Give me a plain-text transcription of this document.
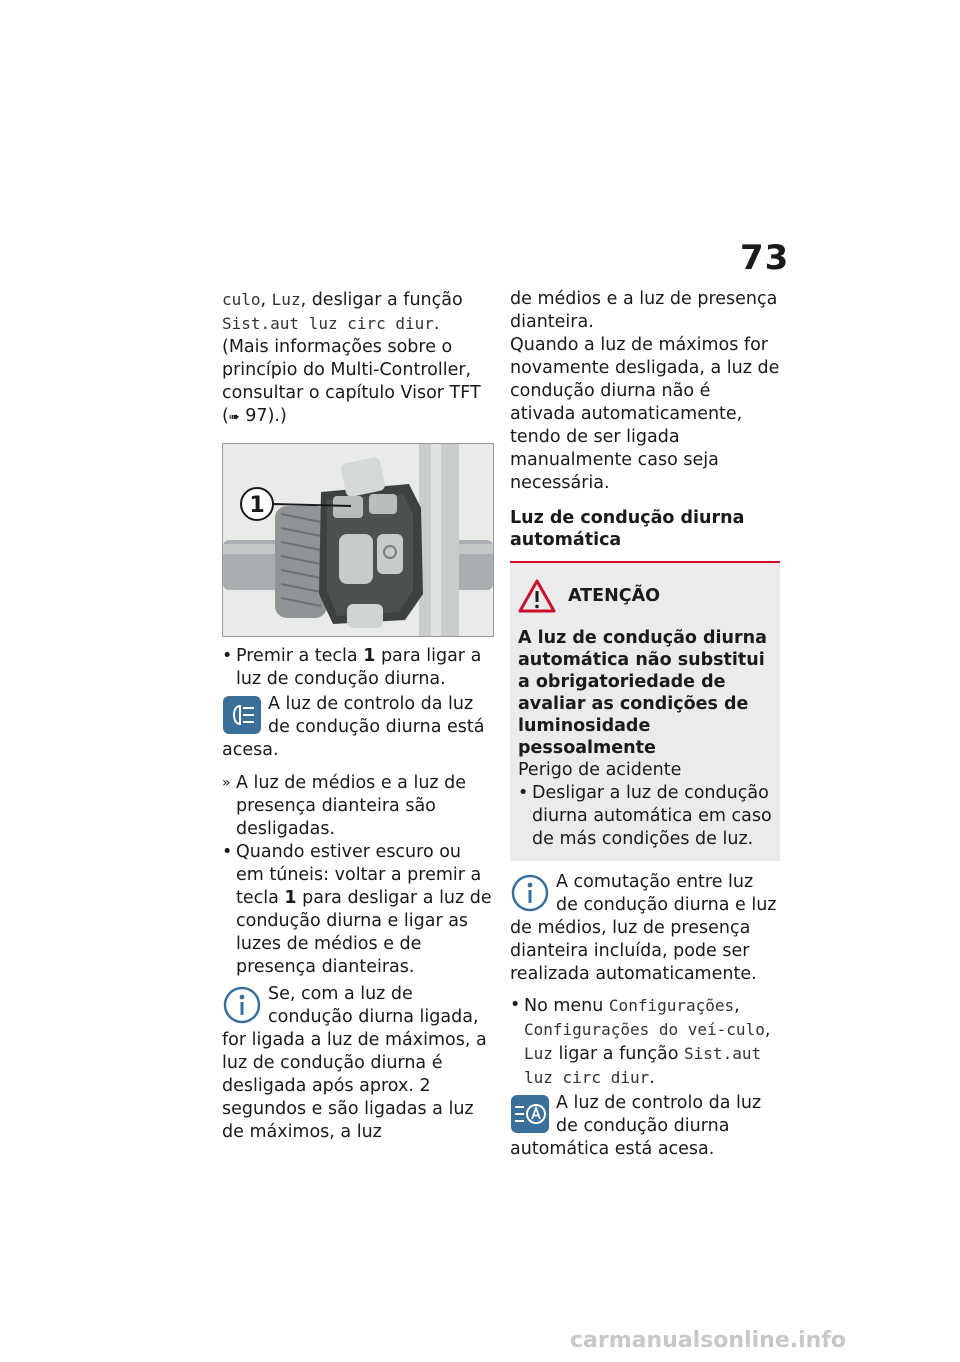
73

culo, Luz, desligar a função Sist.aut luz circ diur.
(Mais informações sobre o princípio do Multi-Controller, consultar o capítulo Visor TFT (➠ 97).)

1

• Premir a tecla 1 para ligar a luz de condução diurna.

A luz de controlo da luz de condução diurna está acesa.

» A luz de médios e a luz de presença dianteira são desligadas.

• Quando estiver escuro ou em túneis: voltar a premir a tecla 1 para desligar a luz de condução diurna e ligar as luzes de médios e de presença dianteiras.

Se, com a luz de condução diurna ligada, for ligada a luz de máximos, a luz de condução diurna é desligada após aprox. 2 segundos e são ligadas a luz de máximos, a luz

de médios e a luz de presença dianteira.

Quando a luz de máximos for novamente desligada, a luz de condução diurna não é ativada automaticamente, tendo de ser ligada manualmente caso seja necessária.

Luz de condução diurna automática

ATENÇÃO

A luz de condução diurna automática não substitui a obrigatoriedade de avaliar as condições de luminosidade pessoalmente

Perigo de acidente

• Desligar a luz de condução diurna automática em caso de más condições de luz.

A comutação entre luz de condução diurna e luz de médios, luz de presença dianteira incluída, pode ser realizada automaticamente.

• No menu Configurações, Configurações do veí-culo, Luz ligar a função Sist.aut luz circ diur.

A luz de controlo da luz de condução diurna automática está acesa.

carmanualsonline.info
